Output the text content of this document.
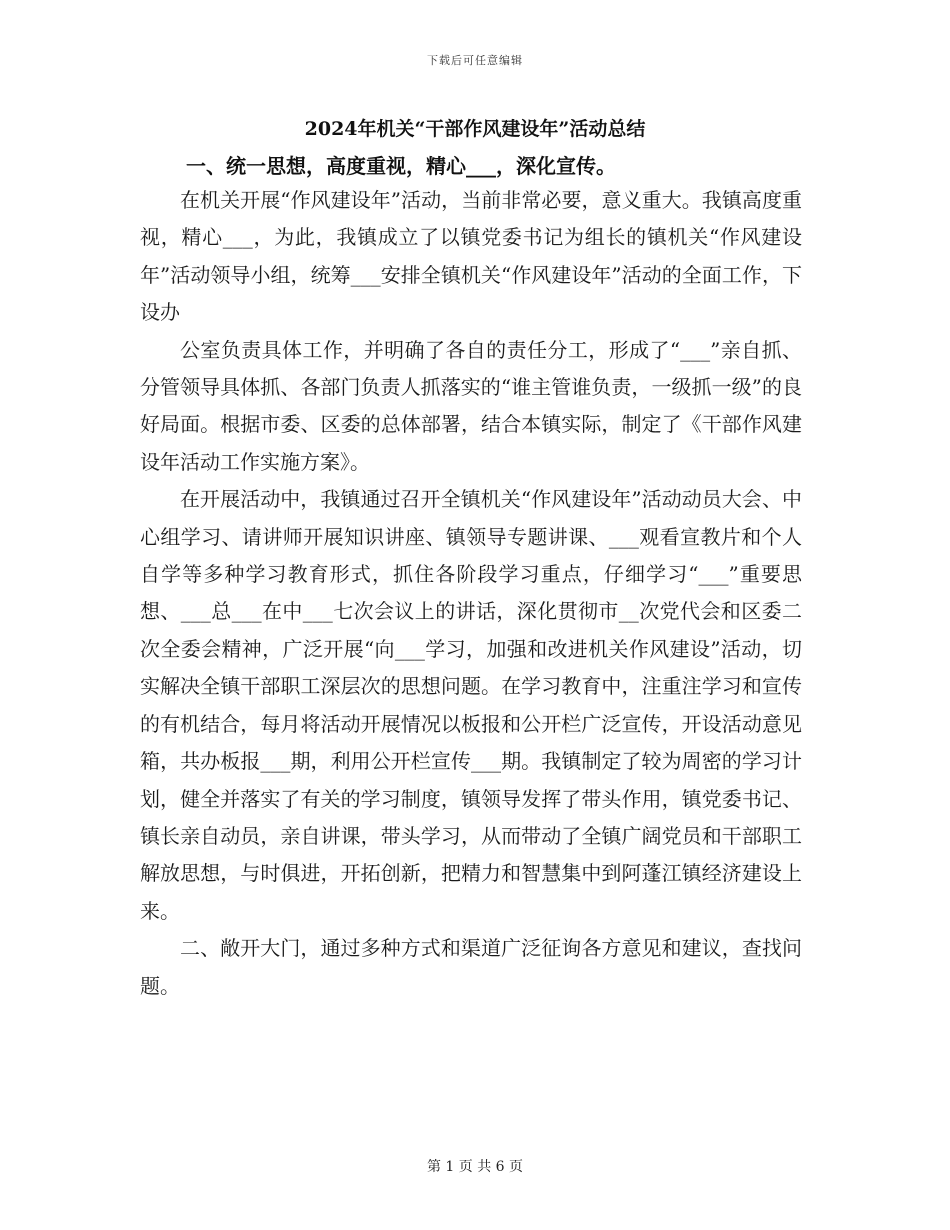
下载后可任意编辑
2024年机关“干部作风建设年”活动总结
一、统一思想，高度重视，精心___，深化宣传。

在机关开展“作风建设年”活动，当前非常必要，意义重大。我镇高度重视，精心___，为此，我镇成立了以镇党委书记为组长的镇机关“作风建设年”活动领导小组，统筹___安排全镇机关“作风建设年”活动的全面工作，下设办

公室负责具体工作，并明确了各自的责任分工，形成了“___”亲自抓、分管领导具体抓、各部门负责人抓落实的“谁主管谁负责，一级抓一级”的良好局面。根据市委、区委的总体部署，结合本镇实际，制定了《干部作风建设年活动工作实施方案》。

在开展活动中，我镇通过召开全镇机关“作风建设年”活动动员大会、中心组学习、请讲师开展知识讲座、镇领导专题讲课、___观看宣教片和个人自学等多种学习教育形式，抓住各阶段学习重点，仔细学习“___”重要思想、___总___在中___七次会议上的讲话，深化贯彻市__次党代会和区委二次全委会精神，广泛开展“向___学习，加强和改进机关作风建设”活动，切实解决全镇干部职工深层次的思想问题。在学习教育中，注重注学习和宣传的有机结合，每月将活动开展情况以板报和公开栏广泛宣传，开设活动意见箱，共办板报___期，利用公开栏宣传___期。我镇制定了较为周密的学习计划，健全并落实了有关的学习制度，镇领导发挥了带头作用，镇党委书记、镇长亲自动员，亲自讲课，带头学习，从而带动了全镇广阔党员和干部职工解放思想，与时俱进，开拓创新，把精力和智慧集中到阿蓬江镇经济建设上来。

二、敞开大门，通过多种方式和渠道广泛征询各方意见和建议，查找问题。

第 1 页 共 6 页
